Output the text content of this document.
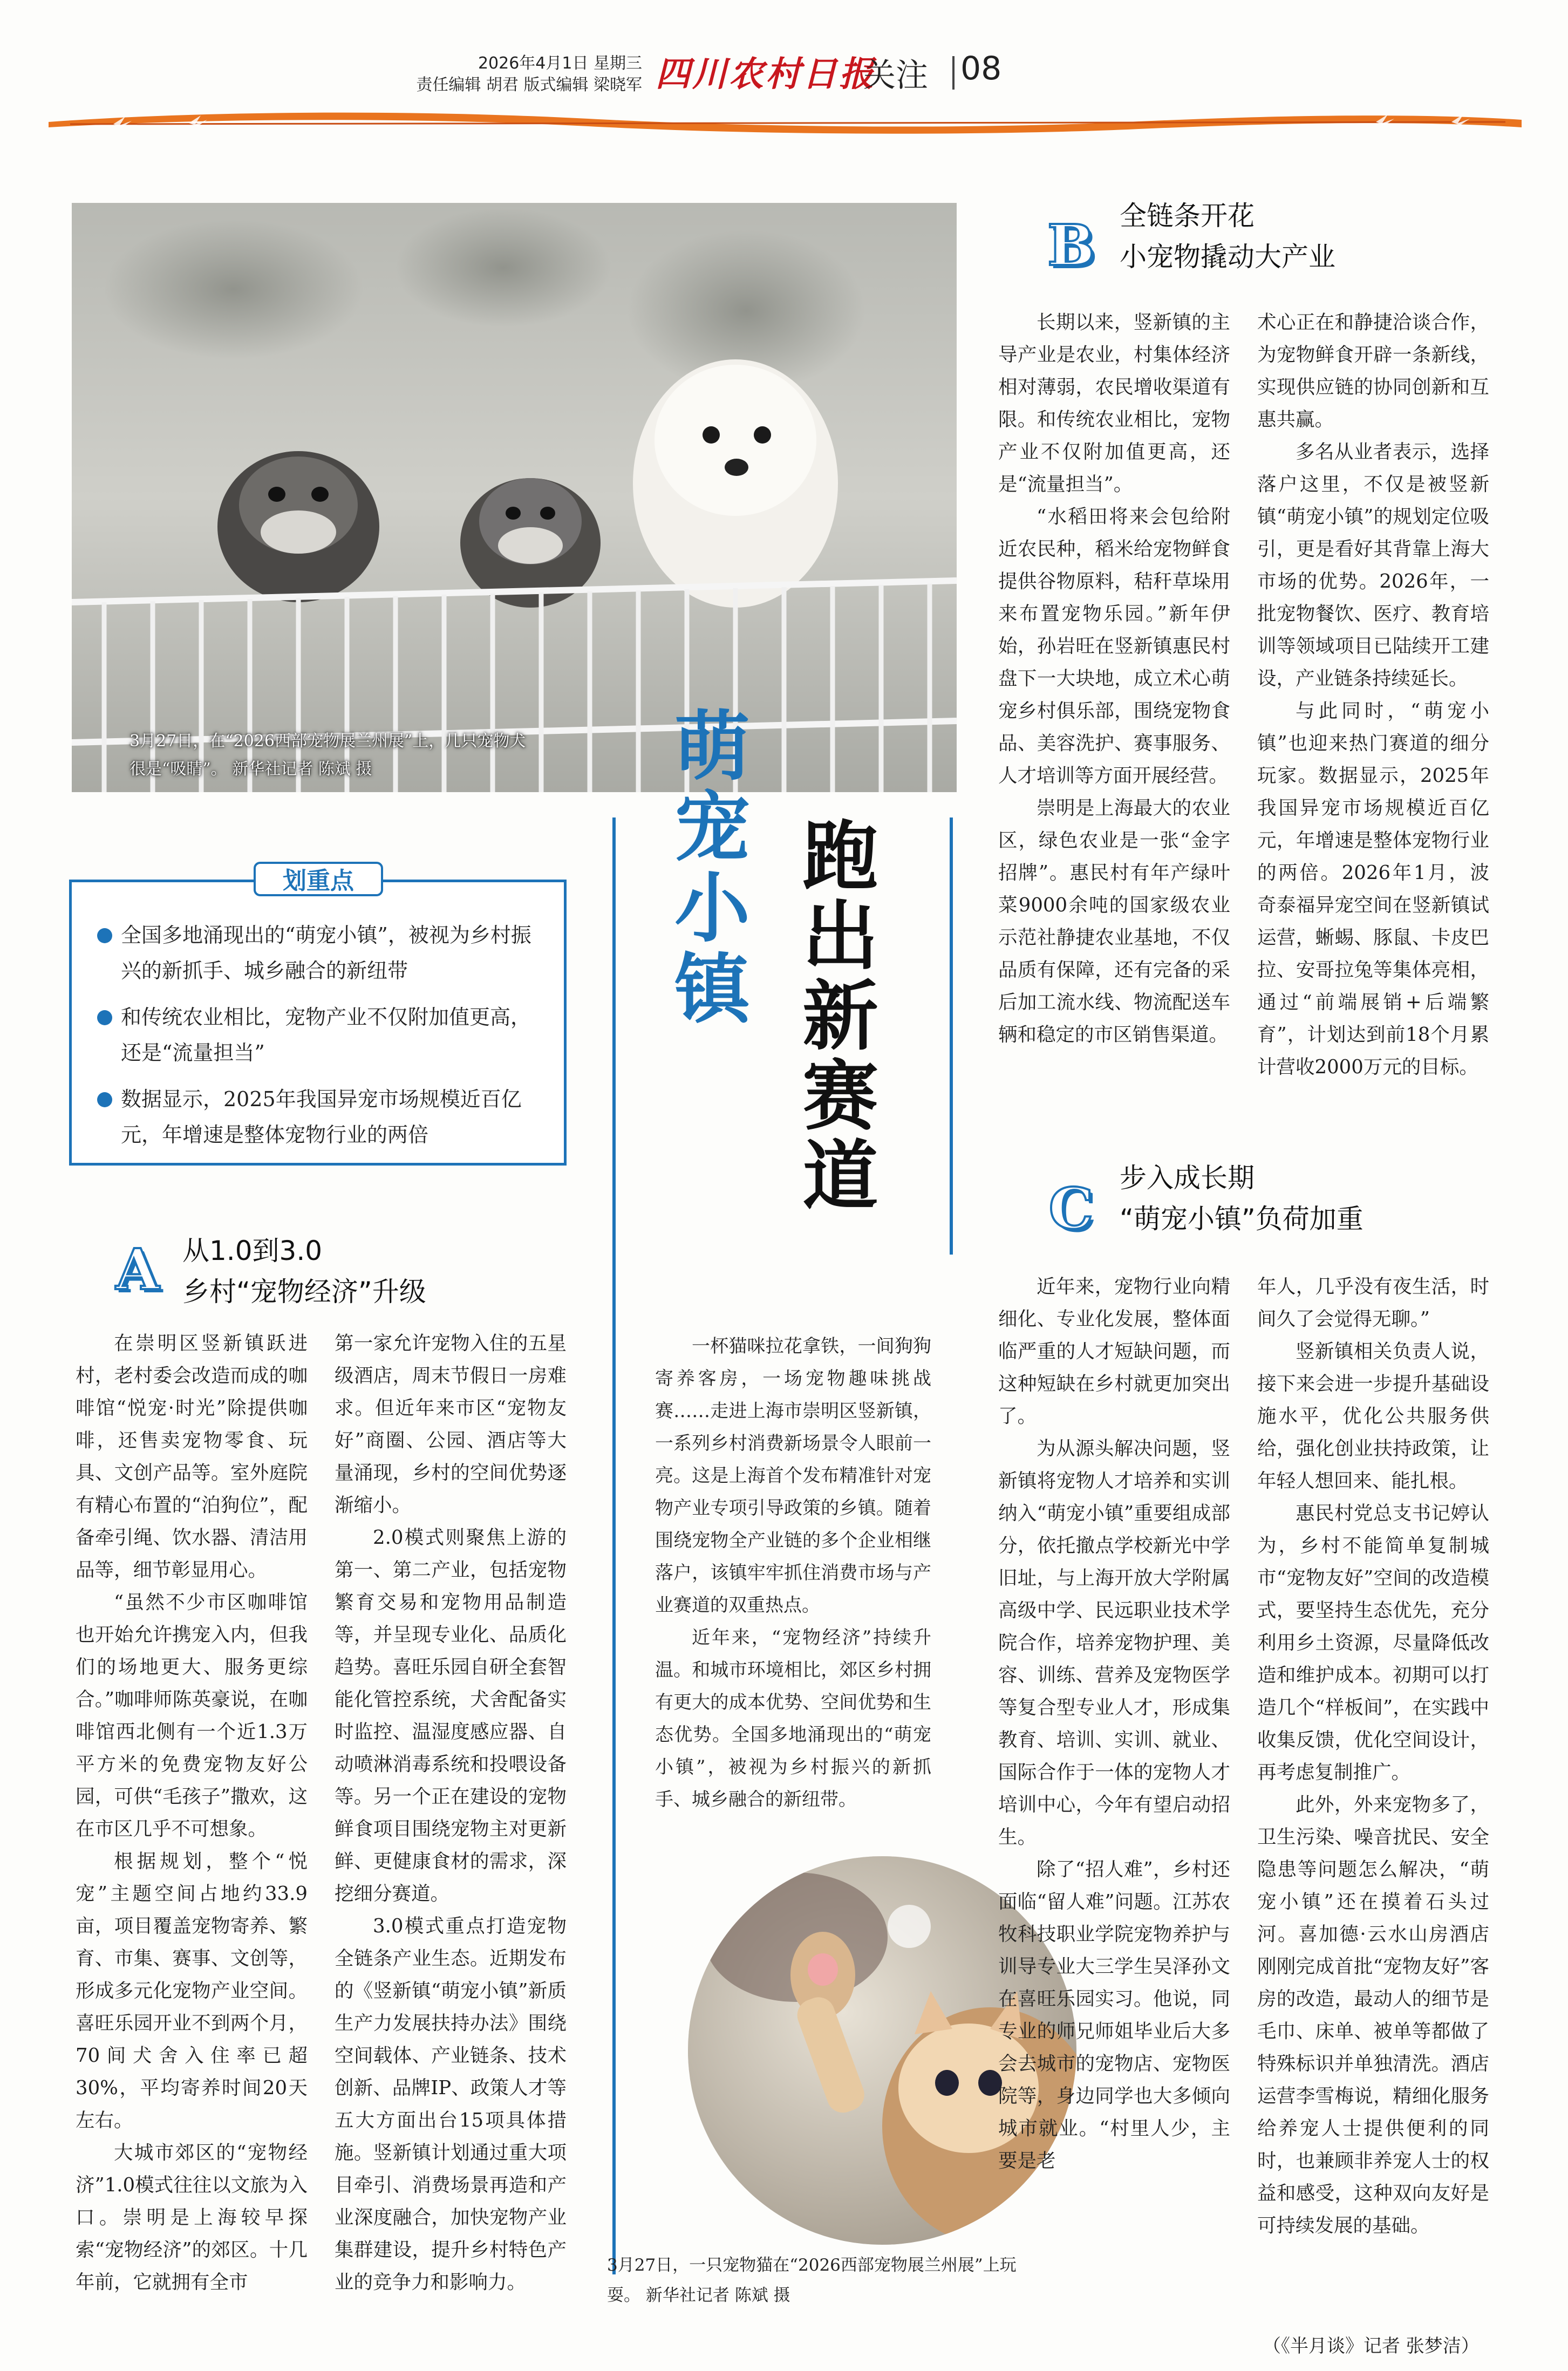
2026年4月1日 星期三
责任编辑 胡君 版式编辑 梁晓军 四川农村日报
关注 08
3月27日，在“2026西部宠物展兰州展”上，几只宠物犬很是“吸睛”。 新华社记者 陈斌 摄
划重点
全国多地涌现出的“萌宠小镇”，被视为乡村振兴的新抓手、城乡融合的新纽带
和传统农业相比，宠物产业不仅附加值更高，还是“流量担当”
数据显示，2025年我国异宠市场规模近百亿元，年增速是整体宠物行业的两倍
A 从1.0到3.0
乡村“宠物经济”升级

在崇明区竖新镇跃进村，老村委会改造而成的咖啡馆“悦宠·时光”除提供咖啡，还售卖宠物零食、玩具、文创产品等。室外庭院有精心布置的“泊狗位”，配备牵引绳、饮水器、清洁用品等，细节彰显用心。

“虽然不少市区咖啡馆也开始允许携宠入内，但我们的场地更大、服务更综合。”咖啡师陈英豪说，在咖啡馆西北侧有一个近1.3万平方米的免费宠物友好公园，可供“毛孩子”撒欢，这在市区几乎不可想象。

根据规划，整个“悦宠”主题空间占地约33.9亩，项目覆盖宠物寄养、繁育、市集、赛事、文创等，形成多元化宠物产业空间。喜旺乐园开业不到两个月，70间犬舍入住率已超30%，平均寄养时间20天左右。

大城市郊区的“宠物经济”1.0模式往往以文旅为入口。崇明是上海较早探索“宠物经济”的郊区。十几年前，它就拥有全市

第一家允许宠物入住的五星级酒店，周末节假日一房难求。但近年来市区“宠物友好”商圈、公园、酒店等大量涌现，乡村的空间优势逐渐缩小。

2.0模式则聚焦上游的第一、第二产业，包括宠物繁育交易和宠物用品制造等，并呈现专业化、品质化趋势。喜旺乐园自研全套智能化管控系统，犬舍配备实时监控、温湿度感应器、自动喷淋消毒系统和投喂设备等。另一个正在建设的宠物鲜食项目围绕宠物主对更新鲜、更健康食材的需求，深挖细分赛道。

3.0模式重点打造宠物全链条产业生态。近期发布的《竖新镇“萌宠小镇”新质生产力发展扶持办法》围绕空间载体、产业链条、技术创新、品牌IP、政策人才等五大方面出台15项具体措施。竖新镇计划通过重大项目牵引、消费场景再造和产业深度融合，加快宠物产业集群建设，提升乡村特色产业的竞争力和影响力。

萌宠小镇
跑出新赛道

一杯猫咪拉花拿铁，一间狗狗寄养客房，一场宠物趣味挑战赛……走进上海市崇明区竖新镇，一系列乡村消费新场景令人眼前一亮。这是上海首个发布精准针对宠物产业专项引导政策的乡镇。随着围绕宠物全产业链的多个企业相继落户，该镇牢牢抓住消费市场与产业赛道的双重热点。

近年来，“宠物经济”持续升温。和城市环境相比，郊区乡村拥有更大的成本优势、空间优势和生态优势。全国多地涌现出的“萌宠小镇”，被视为乡村振兴的新抓手、城乡融合的新纽带。

3月27日，一只宠物猫在“2026西部宠物展兰州展”上玩耍。 新华社记者 陈斌 摄
B 全链条开花
小宠物撬动大产业

长期以来，竖新镇的主导产业是农业，村集体经济相对薄弱，农民增收渠道有限。和传统农业相比，宠物产业不仅附加值更高，还是“流量担当”。

“水稻田将来会包给附近农民种，稻米给宠物鲜食提供谷物原料，秸秆草垛用来布置宠物乐园。”新年伊始，孙岩旺在竖新镇惠民村盘下一大块地，成立术心萌宠乡村俱乐部，围绕宠物食品、美容洗护、赛事服务、人才培训等方面开展经营。

崇明是上海最大的农业区，绿色农业是一张“金字招牌”。惠民村有年产绿叶菜9000余吨的国家级农业示范社静捷农业基地，不仅品质有保障，还有完备的采后加工流水线、物流配送车辆和稳定的市区销售渠道。

术心正在和静捷洽谈合作，为宠物鲜食开辟一条新线，实现供应链的协同创新和互惠共赢。

多名从业者表示，选择落户这里，不仅是被竖新镇“萌宠小镇”的规划定位吸引，更是看好其背靠上海大市场的优势。2026年，一批宠物餐饮、医疗、教育培训等领域项目已陆续开工建设，产业链条持续延长。

与此同时，“萌宠小镇”也迎来热门赛道的细分玩家。数据显示，2025年我国异宠市场规模近百亿元，年增速是整体宠物行业的两倍。2026年1月，波奇泰福异宠空间在竖新镇试运营，蜥蜴、豚鼠、卡皮巴拉、安哥拉兔等集体亮相，通过“前端展销+后端繁育”，计划达到前18个月累计营收2000万元的目标。

C 步入成长期
“萌宠小镇”负荷加重

近年来，宠物行业向精细化、专业化发展，整体面临严重的人才短缺问题，而这种短缺在乡村就更加突出了。

为从源头解决问题，竖新镇将宠物人才培养和实训纳入“萌宠小镇”重要组成部分，依托撤点学校新光中学旧址，与上海开放大学附属高级中学、民远职业技术学院合作，培养宠物护理、美容、训练、营养及宠物医学等复合型专业人才，形成集教育、培训、实训、就业、国际合作于一体的宠物人才培训中心，今年有望启动招生。

除了“招人难”，乡村还面临“留人难”问题。江苏农牧科技职业学院宠物养护与训导专业大三学生吴泽孙文在喜旺乐园实习。他说，同专业的师兄师姐毕业后大多会去城市的宠物店、宠物医院等，身边同学也大多倾向城市就业。“村里人少，主要是老

年人，几乎没有夜生活，时间久了会觉得无聊。”

竖新镇相关负责人说，接下来会进一步提升基础设施水平，优化公共服务供给，强化创业扶持政策，让年轻人想回来、能扎根。

惠民村党总支书记婷认为，乡村不能简单复制城市“宠物友好”空间的改造模式，要坚持生态优先，充分利用乡土资源，尽量降低改造和维护成本。初期可以打造几个“样板间”，在实践中收集反馈，优化空间设计，再考虑复制推广。

此外，外来宠物多了，卫生污染、噪音扰民、安全隐患等问题怎么解决，“萌宠小镇”还在摸着石头过河。喜加德·云水山房酒店刚刚完成首批“宠物友好”客房的改造，最动人的细节是毛巾、床单、被单等都做了特殊标识并单独清洗。酒店运营李雪梅说，精细化服务给养宠人士提供便利的同时，也兼顾非养宠人士的权益和感受，这种双向友好是可持续发展的基础。

（《半月谈》记者 张梦洁）
